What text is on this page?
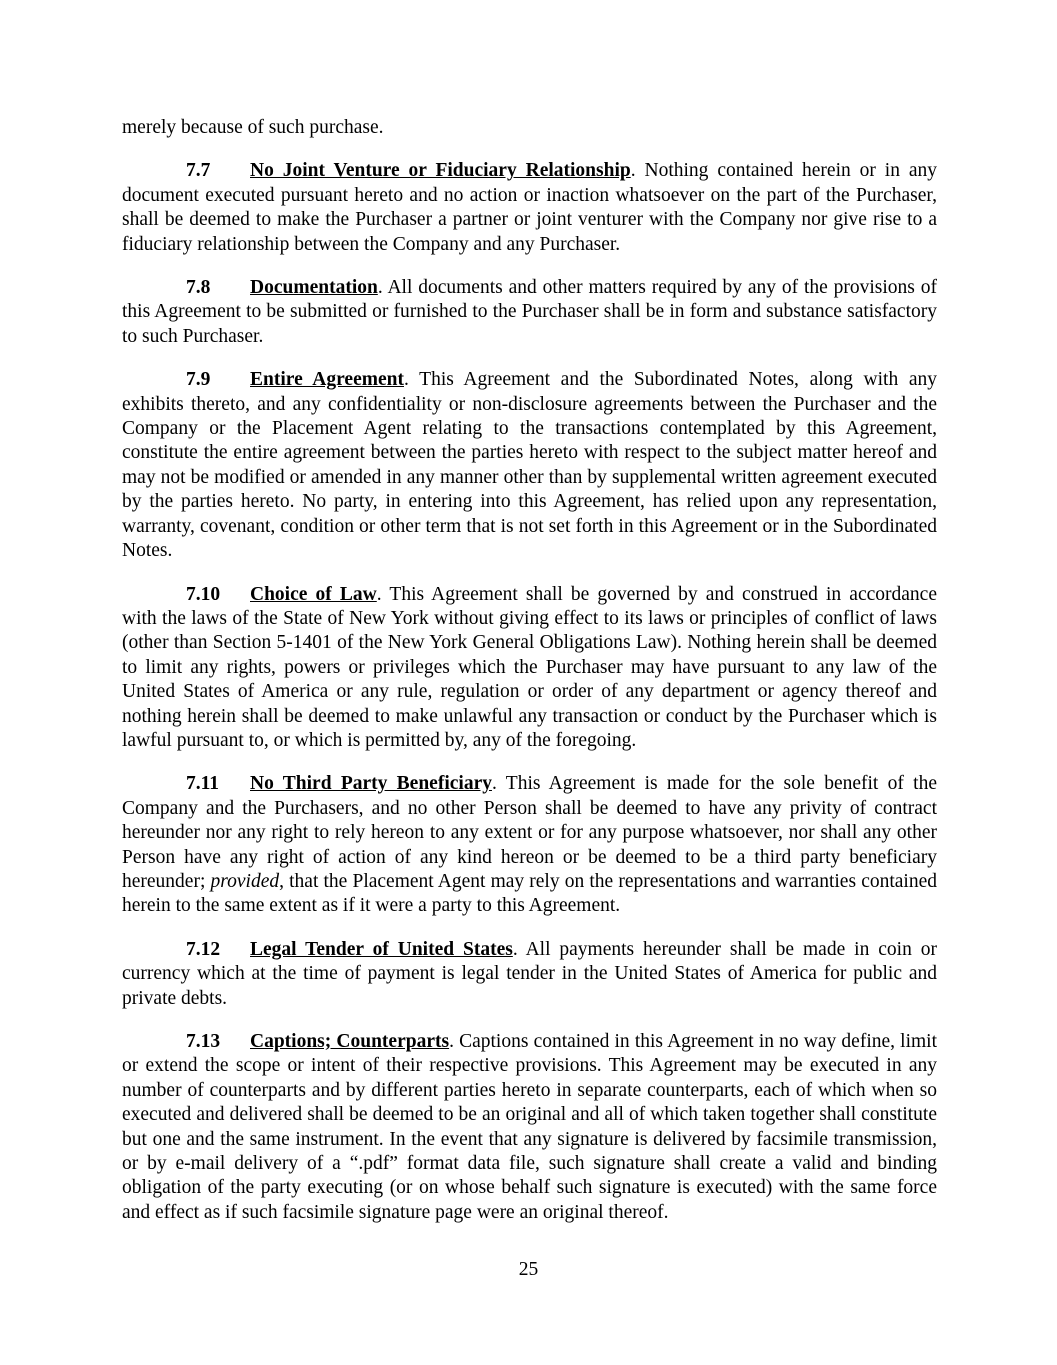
merely because of such purchase.

7.7 No Joint Venture or Fiduciary Relationship. Nothing contained herein or in any document executed pursuant hereto and no action or inaction whatsoever on the part of the Purchaser, shall be deemed to make the Purchaser a partner or joint venturer with the Company nor give rise to a fiduciary relationship between the Company and any Purchaser.

7.8 Documentation. All documents and other matters required by any of the provisions of this Agreement to be submitted or furnished to the Purchaser shall be in form and substance satisfactory to such Purchaser.

7.9 Entire Agreement. This Agreement and the Subordinated Notes, along with any exhibits thereto, and any confidentiality or non-disclosure agreements between the Purchaser and the Company or the Placement Agent relating to the transactions contemplated by this Agreement, constitute the entire agreement between the parties hereto with respect to the subject matter hereof and may not be modified or amended in any manner other than by supplemental written agreement executed by the parties hereto. No party, in entering into this Agreement, has relied upon any representation, warranty, covenant, condition or other term that is not set forth in this Agreement or in the Subordinated Notes.

7.10 Choice of Law. This Agreement shall be governed by and construed in accordance with the laws of the State of New York without giving effect to its laws or principles of conflict of laws (other than Section 5-1401 of the New York General Obligations Law). Nothing herein shall be deemed to limit any rights, powers or privileges which the Purchaser may have pursuant to any law of the United States of America or any rule, regulation or order of any department or agency thereof and nothing herein shall be deemed to make unlawful any transaction or conduct by the Purchaser which is lawful pursuant to, or which is permitted by, any of the foregoing.

7.11 No Third Party Beneficiary. This Agreement is made for the sole benefit of the Company and the Purchasers, and no other Person shall be deemed to have any privity of contract hereunder nor any right to rely hereon to any extent or for any purpose whatsoever, nor shall any other Person have any right of action of any kind hereon or be deemed to be a third party beneficiary hereunder; provided, that the Placement Agent may rely on the representations and warranties contained herein to the same extent as if it were a party to this Agreement.

7.12 Legal Tender of United States. All payments hereunder shall be made in coin or currency which at the time of payment is legal tender in the United States of America for public and private debts.

7.13 Captions; Counterparts. Captions contained in this Agreement in no way define, limit or extend the scope or intent of their respective provisions. This Agreement may be executed in any number of counterparts and by different parties hereto in separate counterparts, each of which when so executed and delivered shall be deemed to be an original and all of which taken together shall constitute but one and the same instrument. In the event that any signature is delivered by facsimile transmission, or by e-mail delivery of a “.pdf” format data file, such signature shall create a valid and binding obligation of the party executing (or on whose behalf such signature is executed) with the same force and effect as if such facsimile signature page were an original thereof.

25
